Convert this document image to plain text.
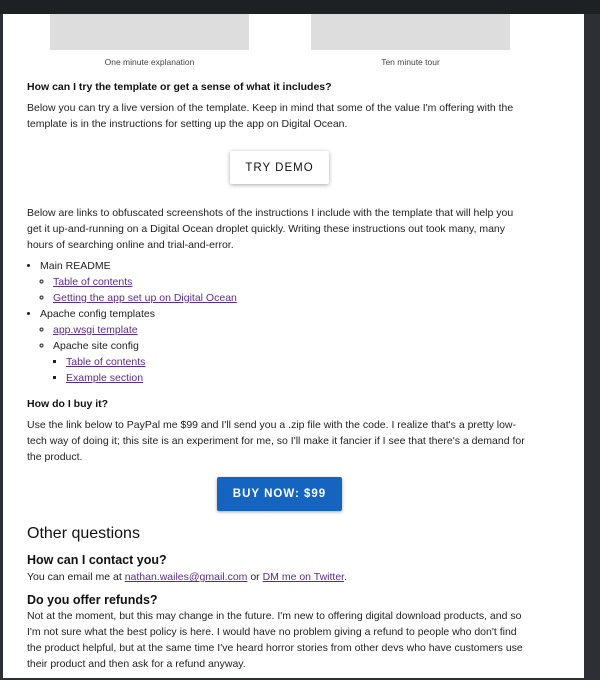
One minute explanation	Ten minute tour
How can I try the template or get a sense of what it includes?

Below you can try a live version of the template. Keep in mind that some of the value I'm offering with the template is in the instructions for setting up the app on Digital Ocean.

TRY DEMO

Below are links to obfuscated screenshots of the instructions I include with the template that will help you get it up-and-running on a Digital Ocean droplet quickly. Writing these instructions out took many, many hours of searching online and trial-and-error.

• Main README
◦ Table of contents
◦ Getting the app set up on Digital Ocean
• Apache config templates
◦ app.wsgi template
◦ Apache site config
▪ Table of contents
▪ Example section
How do I buy it?

Use the link below to PayPal me $99 and I'll send you a .zip file with the code. I realize that's a pretty low-tech way of doing it; this site is an experiment for me, so I'll make it fancier if I see that there's a demand for the product.

BUY NOW: $99
Other questions
How can I contact you?

You can email me at nathan.wailes@gmail.com or DM me on Twitter.

Do you offer refunds?

Not at the moment, but this may change in the future. I'm new to offering digital download products, and so I'm not sure what the best policy is here. I would have no problem giving a refund to people who don't find the product helpful, but at the same time I've heard horror stories from other devs who have customers use their product and then ask for a refund anyway.
